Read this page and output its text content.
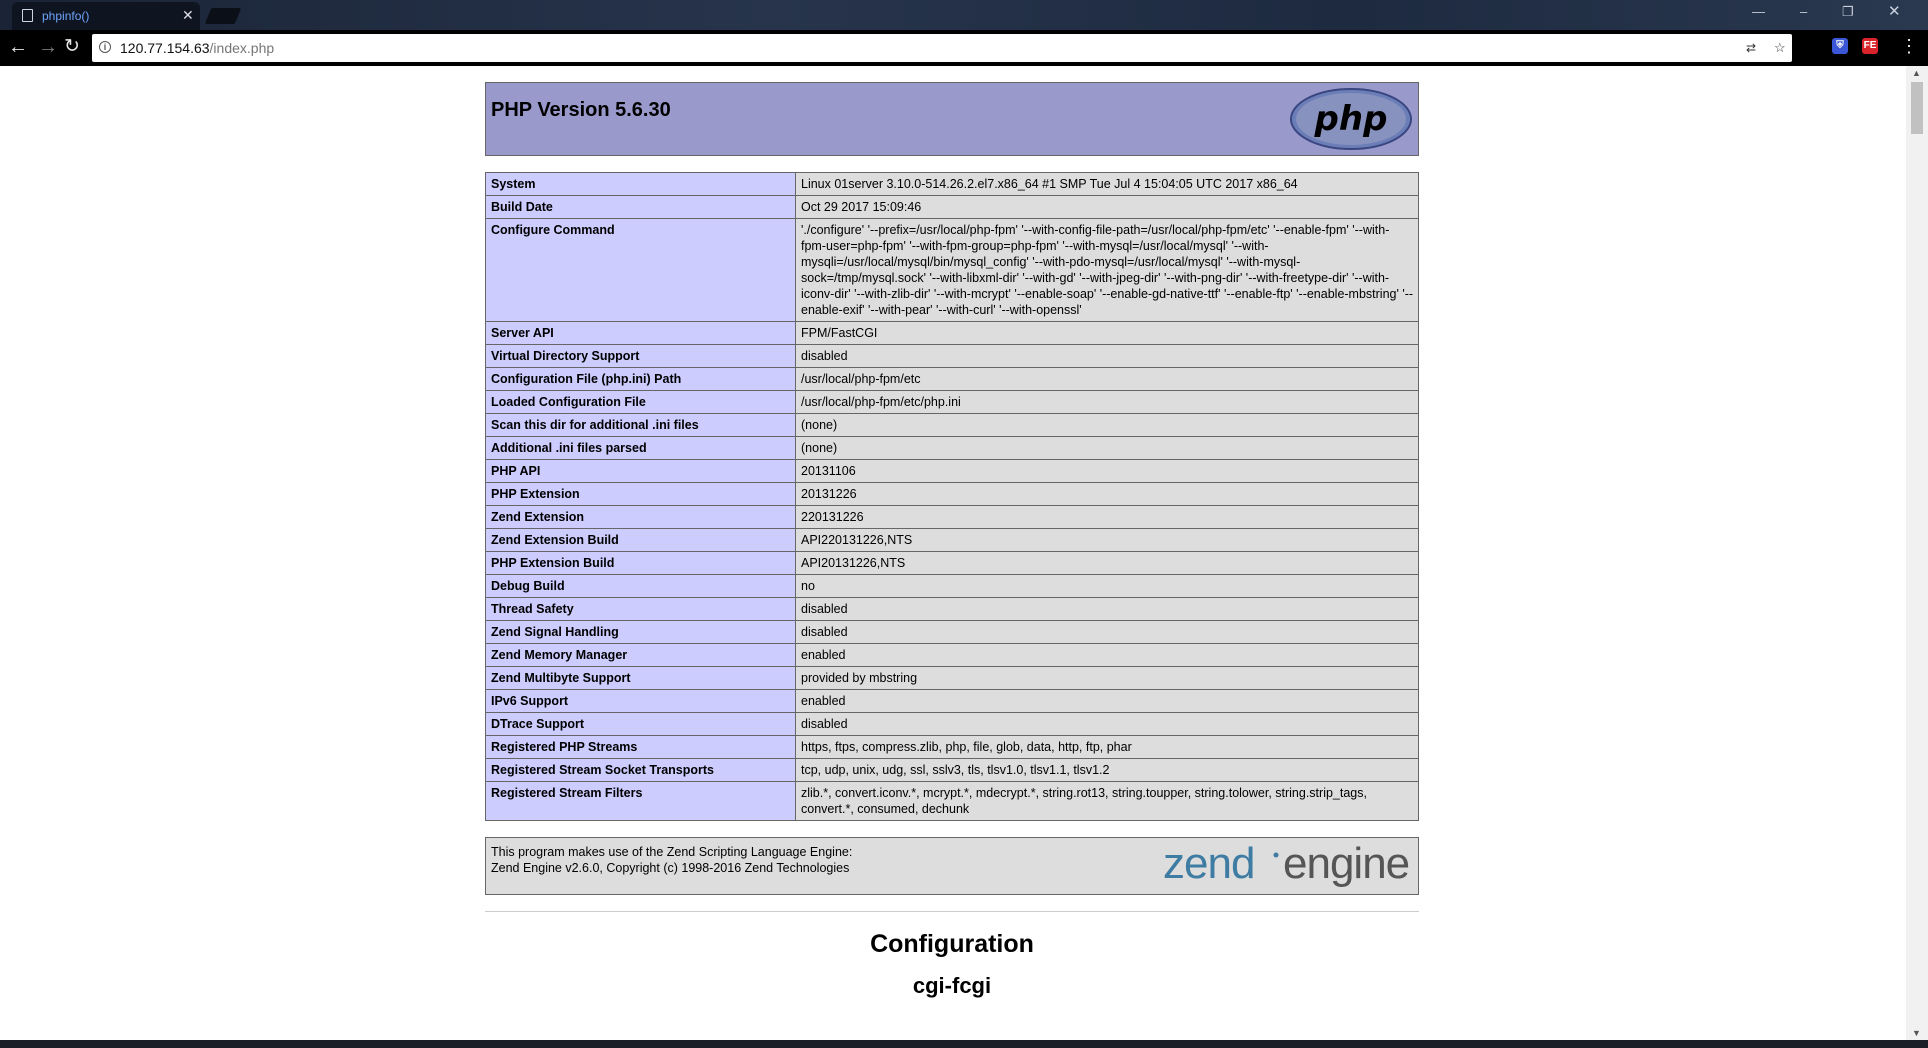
phpinfo()	✕	—	–	❐ ✕
← → ↻	i 120.77.154.63/index.php	☆
⇄	⛨	FE ⋮
PHP Version 5.6.30	php
System	Linux 01server 3.10.0-514.26.2.el7.x86_64 #1 SMP Tue Jul 4 15:04:05 UTC 2017 x86_64
Build Date	Oct 29 2017 15:09:46
Configure Command	'./configure' '--prefix=/usr/local/php-fpm' '--with-config-file-path=/usr/local/php-fpm/etc' '--enable-fpm' '--with-fpm-user=php-fpm' '--with-fpm-group=php-fpm' '--with-mysql=/usr/local/mysql' '--with-mysqli=/usr/local/mysql/bin/mysql_config' '--with-pdo-mysql=/usr/local/mysql' '--with-mysql-sock=/tmp/mysql.sock' '--with-libxml-dir' '--with-gd' '--with-jpeg-dir' '--with-png-dir' '--with-freetype-dir' '--with-iconv-dir' '--with-zlib-dir' '--with-mcrypt' '--enable-soap' '--enable-gd-native-ttf' '--enable-ftp' '--enable-mbstring' '--enable-exif' '--with-pear' '--with-curl' '--with-openssl'
Server API	FPM/FastCGI
Virtual Directory Support	disabled
Configuration File (php.ini) Path	/usr/local/php-fpm/etc
Loaded Configuration File	/usr/local/php-fpm/etc/php.ini
Scan this dir for additional .ini files	(none)
Additional .ini files parsed	(none)
PHP API	20131106
PHP Extension	20131226
Zend Extension	220131226
Zend Extension Build	API220131226,NTS
PHP Extension Build	API20131226,NTS
Debug Build	no
Thread Safety	disabled
Zend Signal Handling	disabled
Zend Memory Manager	enabled
Zend Multibyte Support	provided by mbstring
IPv6 Support	enabled
DTrace Support	disabled
Registered PHP Streams	https, ftps, compress.zlib, php, file, glob, data, http, ftp, phar
Registered Stream Socket Transports	tcp, udp, unix, udg, ssl, sslv3, tls, tlsv1.0, tlsv1.1, tlsv1.2
Registered Stream Filters	zlib.*, convert.iconv.*, mcrypt.*, mdecrypt.*, string.rot13, string.toupper, string.tolower, string.strip_tags, convert.*, consumed, dechunk
This program makes use of the Zend Scripting Language Engine:
Zend Engine v2.6.0, Copyright (c) 1998-2016 Zend Technologies	zend engine
Configuration
cgi-fcgi
▲
▼
